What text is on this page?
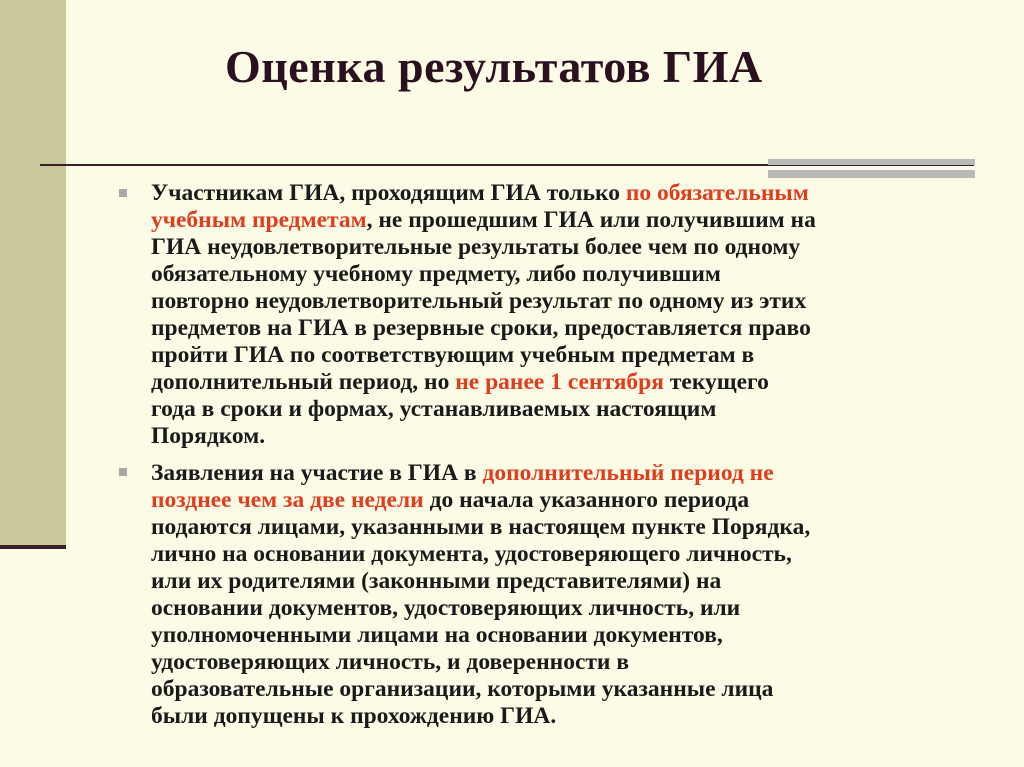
Оценка результатов ГИА
Участникам ГИА, проходящим ГИА только по обязательным
учебным предметам, не прошедшим ГИА или получившим на
ГИА неудовлетворительные результаты более чем по одному
обязательному учебному предмету, либо получившим
повторно неудовлетворительный результат по одному из этих
предметов на ГИА в резервные сроки, предоставляется право
пройти ГИА по соответствующим учебным предметам в
дополнительный период, но не ранее 1 сентября текущего
года в сроки и формах, устанавливаемых настоящим
Порядком.
Заявления на участие в ГИА в дополнительный период не
позднее чем за две недели до начала указанного периода
подаются лицами, указанными в настоящем пункте Порядка,
лично на основании документа, удостоверяющего личность,
или их родителями (законными представителями) на
основании документов, удостоверяющих личность, или
уполномоченными лицами на основании документов,
удостоверяющих личность, и доверенности в
образовательные организации, которыми указанные лица
были допущены к прохождению ГИА.
